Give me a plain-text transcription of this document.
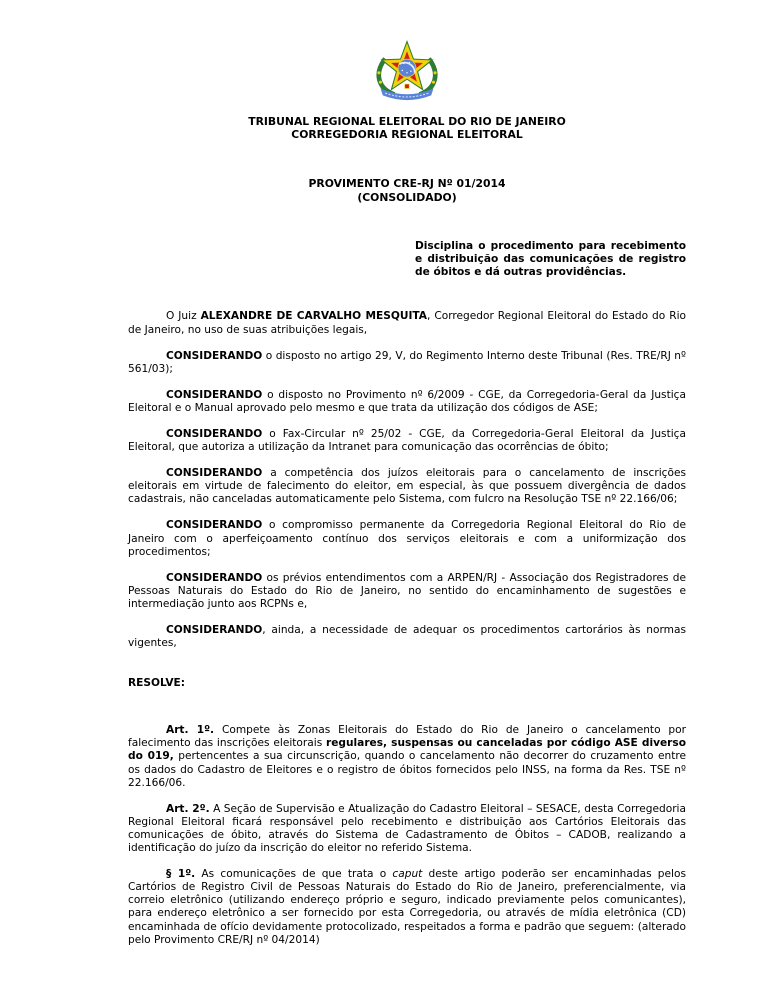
TRIBUNAL REGIONAL ELEITORAL DO RIO DE JANEIRO
CORREGEDORIA REGIONAL ELEITORAL
PROVIMENTO CRE-RJ Nº 01/2014
(CONSOLIDADO)
Disciplina o procedimento para recebimento e distribuição das comunicações de registro de óbitos e dá outras providências.

O Juiz ALEXANDRE DE CARVALHO MESQUITA, Corregedor Regional Eleitoral do Estado do Rio de Janeiro, no uso de suas atribuições legais,

CONSIDERANDO o disposto no artigo 29, V, do Regimento Interno deste Tribunal (Res. TRE/RJ nº 561/03);

CONSIDERANDO o disposto no Provimento nº 6/2009 - CGE, da Corregedoria-Geral da Justiça Eleitoral e o Manual aprovado pelo mesmo e que trata da utilização dos códigos de ASE;

CONSIDERANDO o Fax-Circular nº 25/02 - CGE, da Corregedoria-Geral Eleitoral da Justiça Eleitoral, que autoriza a utilização da Intranet para comunicação das ocorrências de óbito;

CONSIDERANDO a competência dos juízos eleitorais para o cancelamento de inscrições eleitorais em virtude de falecimento do eleitor, em especial, às que possuem divergência de dados cadastrais, não canceladas automaticamente pelo Sistema, com fulcro na Resolução TSE nº 22.166/06;

CONSIDERANDO o compromisso permanente da Corregedoria Regional Eleitoral do Rio de Janeiro com o aperfeiçoamento contínuo dos serviços eleitorais e com a uniformização dos procedimentos;

CONSIDERANDO os prévios entendimentos com a ARPEN/RJ - Associação dos Registradores de Pessoas Naturais do Estado do Rio de Janeiro, no sentido do encaminhamento de sugestões e intermediação junto aos RCPNs e,

CONSIDERANDO, ainda, a necessidade de adequar os procedimentos cartorários às normas vigentes,

RESOLVE:

Art. 1º. Compete às Zonas Eleitorais do Estado do Rio de Janeiro o cancelamento por falecimento das inscrições eleitorais regulares, suspensas ou canceladas por código ASE diverso do 019, pertencentes a sua circunscrição, quando o cancelamento não decorrer do cruzamento entre os dados do Cadastro de Eleitores e o registro de óbitos fornecidos pelo INSS, na forma da Res. TSE nº 22.166/06.

Art. 2º. A Seção de Supervisão e Atualização do Cadastro Eleitoral – SESACE, desta Corregedoria Regional Eleitoral ficará responsável pelo recebimento e distribuição aos Cartórios Eleitorais das comunicações de óbito, através do Sistema de Cadastramento de Óbitos – CADOB, realizando a identificação do juízo da inscrição do eleitor no referido Sistema.

§ 1º. As comunicações de que trata o caput deste artigo poderão ser encaminhadas pelos Cartórios de Registro Civil de Pessoas Naturais do Estado do Rio de Janeiro, preferencialmente, via correio eletrônico (utilizando endereço próprio e seguro, indicado previamente pelos comunicantes), para endereço eletrônico a ser fornecido por esta Corregedoria, ou através de mídia eletrônica (CD) encaminhada de ofício devidamente protocolizado, respeitados a forma e padrão que seguem: (alterado pelo Provimento CRE/RJ nº 04/2014)
